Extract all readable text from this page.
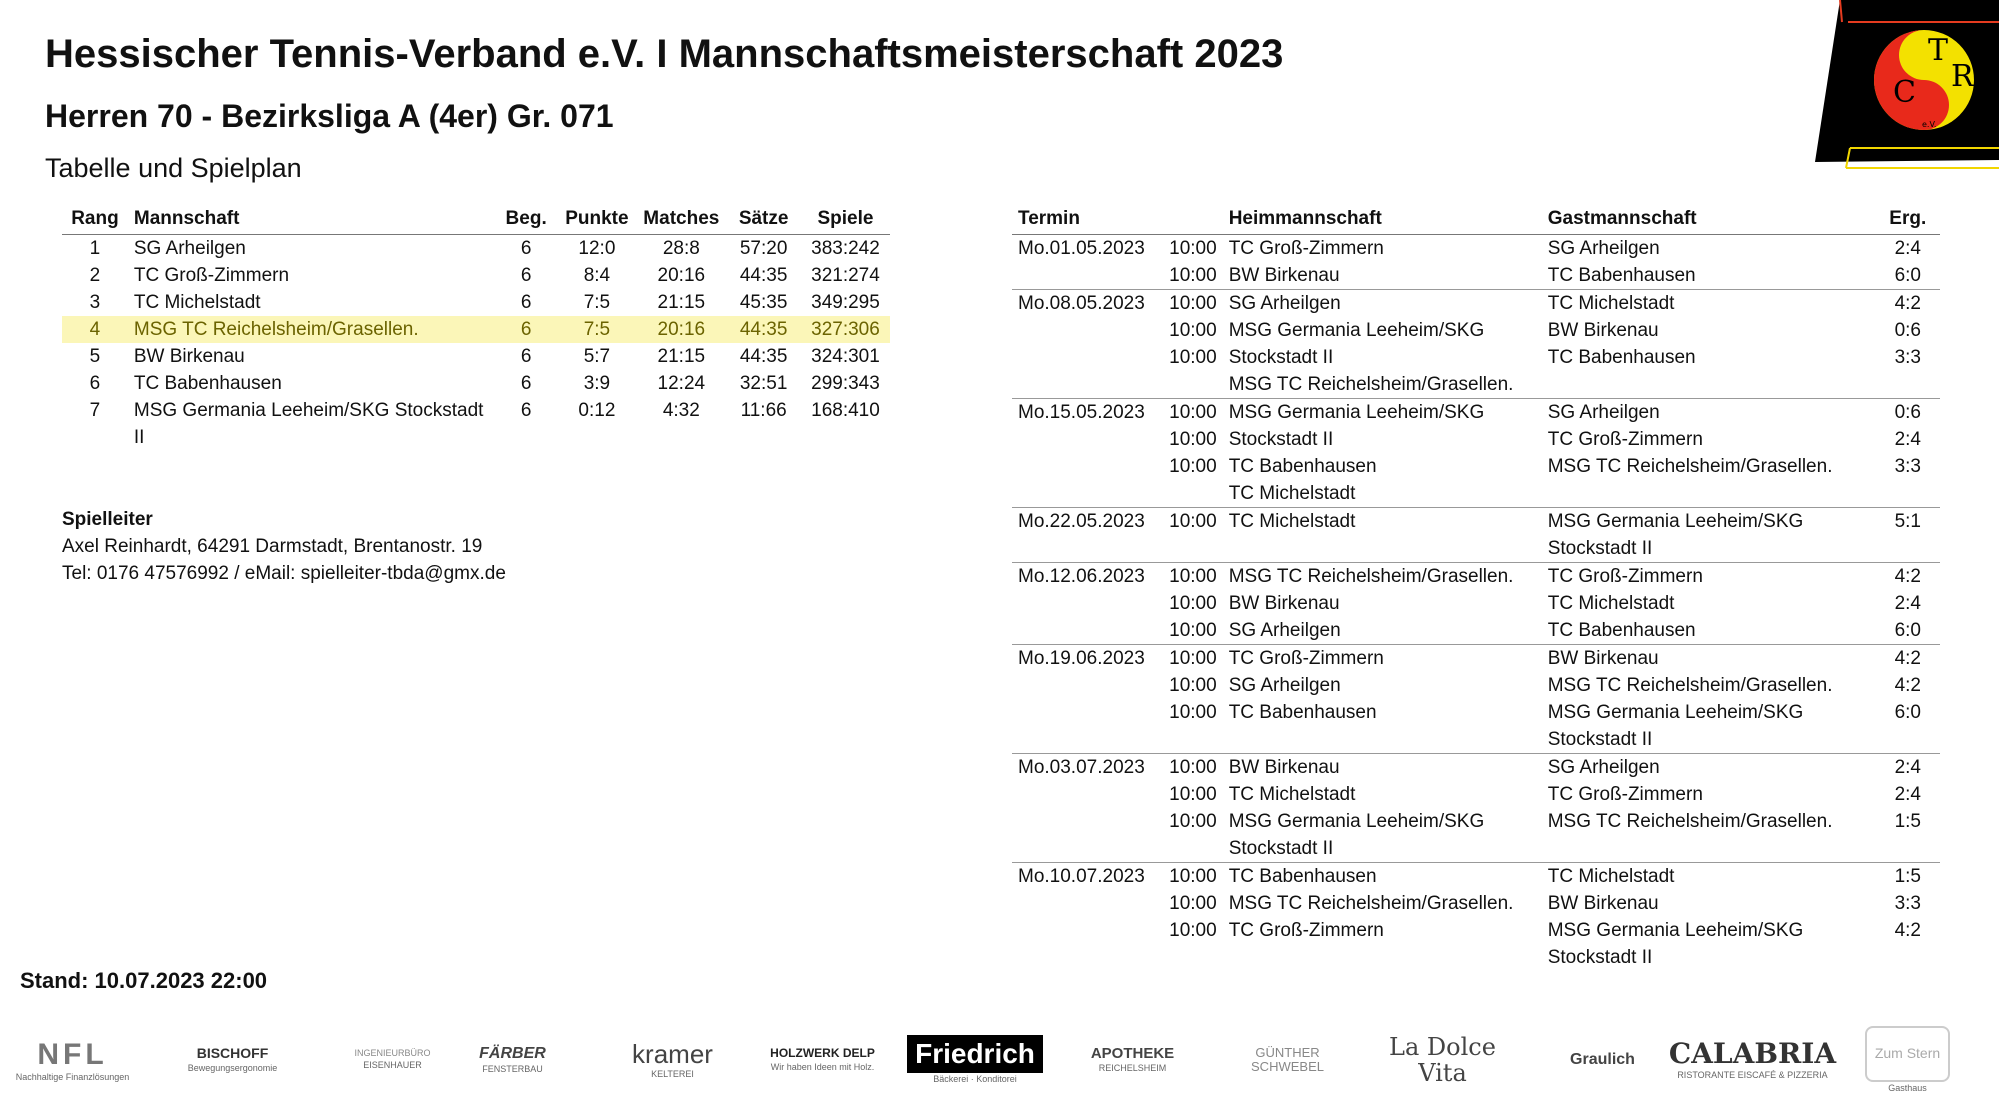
Hessischer Tennis-Verband e.V. I Mannschaftsmeisterschaft 2023
Herren 70 - Bezirksliga A (4er) Gr. 071
Tabelle und Spielplan
T
C R
e.V.
Rang	Mannschaft	Beg.	Punkte	Matches	Sätze	Spiele
1	SG Arheilgen	6	12:0	28:8	57:20	383:242
2	TC Groß-Zimmern	6	8:4	20:16	44:35	321:274
3	TC Michelstadt	6	7:5	21:15	45:35	349:295
4	MSG TC Reichelsheim/Grasellen.	6	7:5	20:16	44:35	327:306
5	BW Birkenau	6	5:7	21:15	44:35	324:301
6	TC Babenhausen	6	3:9	12:24	32:51	299:343
7	MSG Germania Leeheim/SKG Stockstadt
II	6	0:12	4:32	11:66	168:410
Spielleiter
Axel Reinhardt, 64291 Darmstadt, Brentanostr. 19
Tel: 0176 47576992 / eMail: spielleiter-tbda@gmx.de
Stand: 10.07.2023 22:00
Termin		Heimmannschaft	Gastmannschaft	Erg.
Mo.01.05.2023	10:00	TC Groß-Zimmern	SG Arheilgen	2:4
	10:00	BW Birkenau	TC Babenhausen	6:0
Mo.08.05.2023	10:00	SG Arheilgen	TC Michelstadt	4:2
	10:00	MSG Germania Leeheim/SKG	BW Birkenau	0:6
	10:00	Stockstadt II	TC Babenhausen	3:3
		MSG TC Reichelsheim/Grasellen.		
Mo.15.05.2023	10:00	MSG Germania Leeheim/SKG	SG Arheilgen	0:6
	10:00	Stockstadt II	TC Groß-Zimmern	2:4
	10:00	TC Babenhausen	MSG TC Reichelsheim/Grasellen.	3:3
		TC Michelstadt		
Mo.22.05.2023	10:00	TC Michelstadt	MSG Germania Leeheim/SKG	5:1
			Stockstadt II	
Mo.12.06.2023	10:00	MSG TC Reichelsheim/Grasellen.	TC Groß-Zimmern	4:2
	10:00	BW Birkenau	TC Michelstadt	2:4
	10:00	SG Arheilgen	TC Babenhausen	6:0
Mo.19.06.2023	10:00	TC Groß-Zimmern	BW Birkenau	4:2
	10:00	SG Arheilgen	MSG TC Reichelsheim/Grasellen.	4:2
	10:00	TC Babenhausen	MSG Germania Leeheim/SKG	6:0
			Stockstadt II	
Mo.03.07.2023	10:00	BW Birkenau	SG Arheilgen	2:4
	10:00	TC Michelstadt	TC Groß-Zimmern	2:4
	10:00	MSG Germania Leeheim/SKG	MSG TC Reichelsheim/Grasellen.	1:5
		Stockstadt II		
Mo.10.07.2023	10:00	TC Babenhausen	TC Michelstadt	1:5
	10:00	MSG TC Reichelsheim/Grasellen.	BW Birkenau	3:3
	10:00	TC Groß-Zimmern	MSG Germania Leeheim/SKG	4:2
			Stockstadt II	
NFL
Nachhaltige Finanzlösungen
BISCHOFF
Bewegungsergonomie
INGENIEURBÜRO
EISENHAUER
FÄRBER
FENSTERBAU
kramer
KELTEREI
HOLZWERK DELP
Wir haben Ideen mit Holz. Friedrich
Bäckerei · Konditorei
APOTHEKE
REICHELSHEIM
GÜNTHER SCHWEBEL
La Dolce Vita	Graulich CALABRIA
RISTORANTE EISCAFÉ & PIZZERIA
Zum Stern
Gasthaus
